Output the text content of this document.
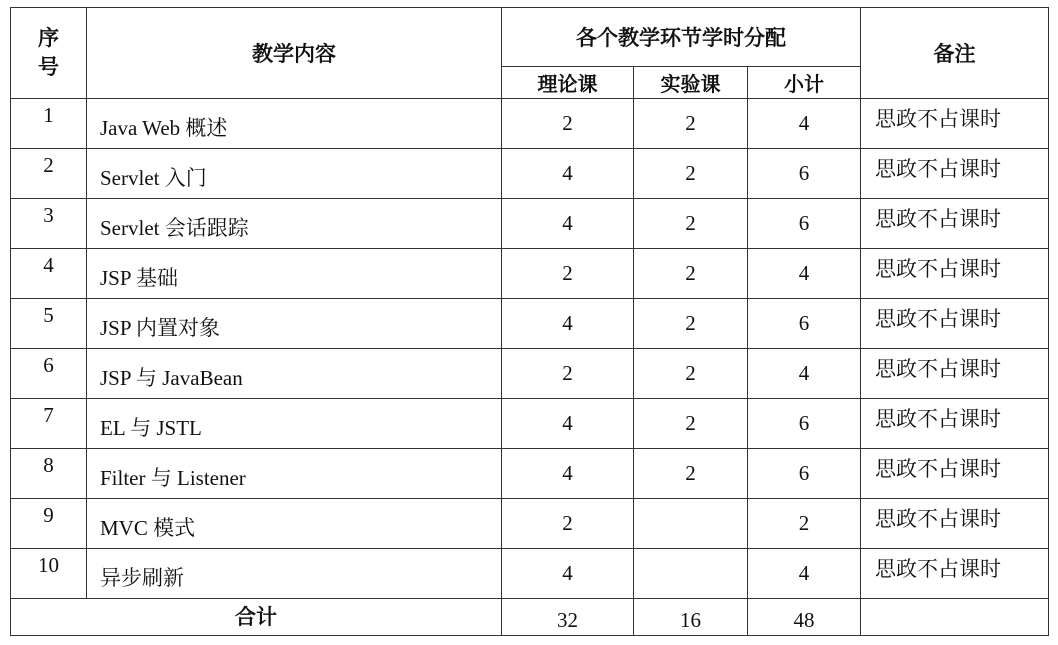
序
号	教学内容	各个教学环节学时分配			备注
		理论课	实验课	小计	
1	Java Web 概述	2	2	4	思政不占课时
2	Servlet 入门	4	2	6	思政不占课时
3	Servlet 会话跟踪	4	2	6	思政不占课时
4	JSP 基础	2	2	4	思政不占课时
5	JSP 内置对象	4	2	6	思政不占课时
6	JSP 与 JavaBean	2	2	4	思政不占课时
7	EL 与 JSTL	4	2	6	思政不占课时
8	Filter 与 Listener	4	2	6	思政不占课时
9	MVC 模式	2		2	思政不占课时
10	异步刷新	4		4	思政不占课时
合计		32	16	48	
